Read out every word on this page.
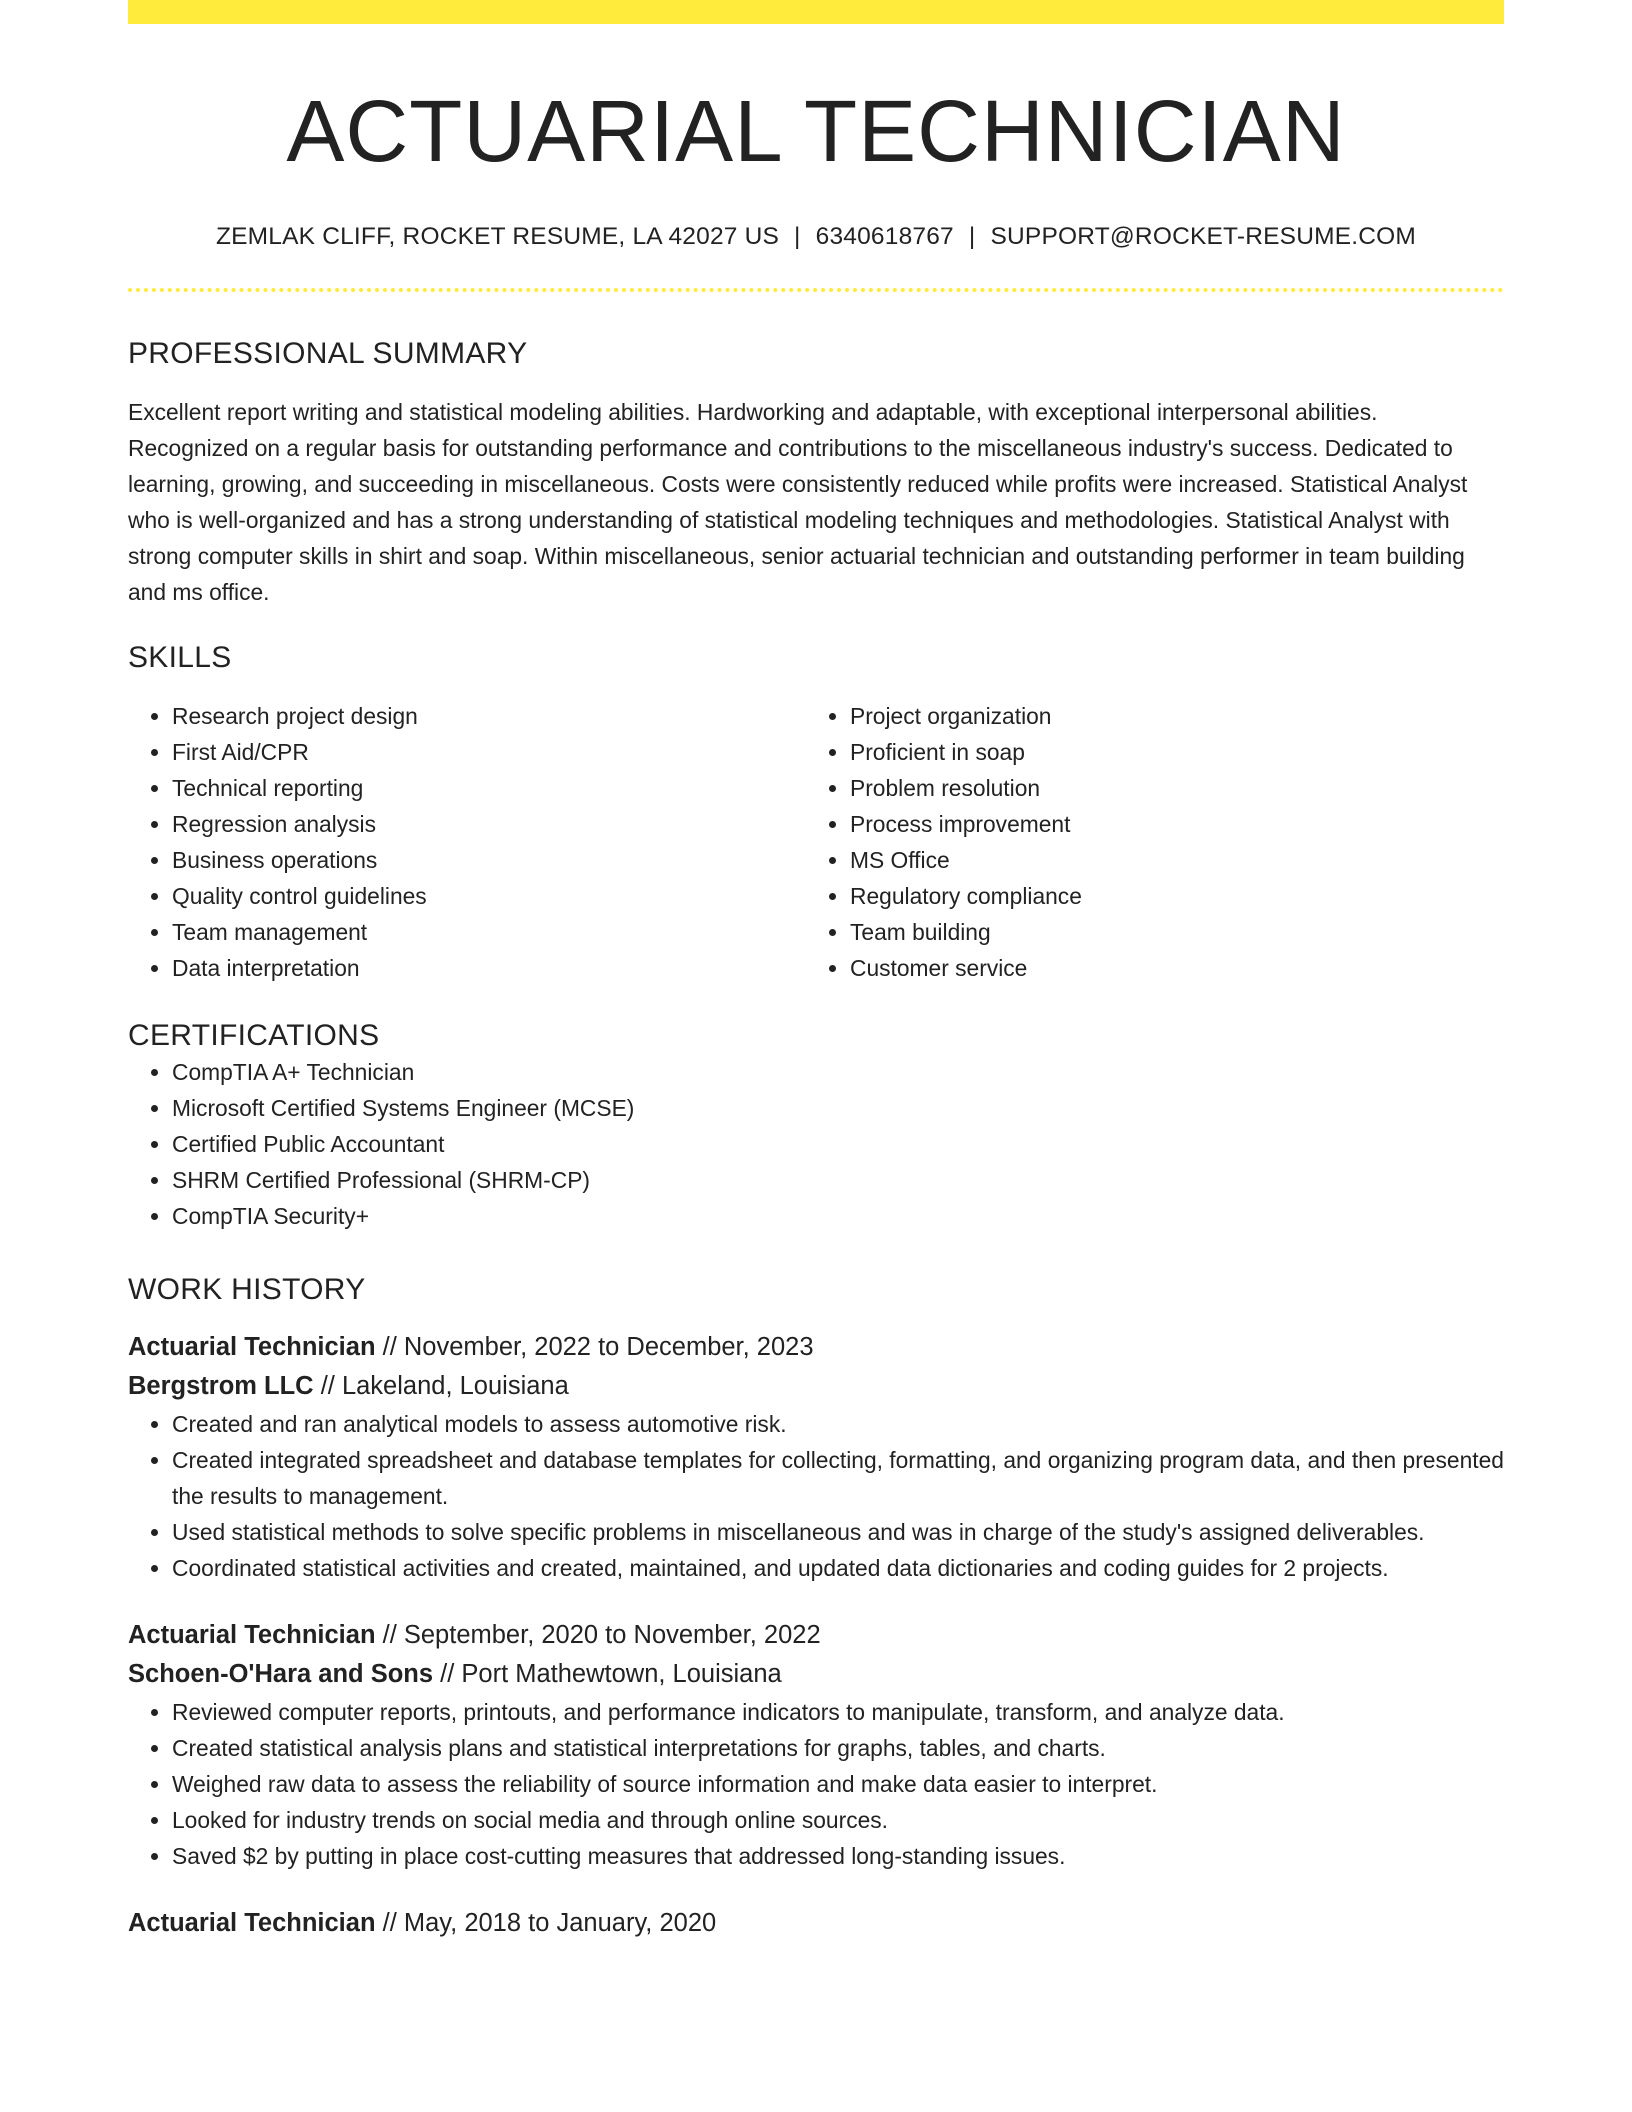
ACTUARIAL TECHNICIAN
ZEMLAK CLIFF, ROCKET RESUME, LA 42027 US | 6340618767 | SUPPORT@ROCKET-RESUME.COM
PROFESSIONAL SUMMARY
Excellent report writing and statistical modeling abilities. Hardworking and adaptable, with exceptional interpersonal abilities. Recognized on a regular basis for outstanding performance and contributions to the miscellaneous industry's success. Dedicated to learning, growing, and succeeding in miscellaneous. Costs were consistently reduced while profits were increased. Statistical Analyst who is well-organized and has a strong understanding of statistical modeling techniques and methodologies. Statistical Analyst with strong computer skills in shirt and soap. Within miscellaneous, senior actuarial technician and outstanding performer in team building and ms office.
SKILLS
• Research project design
• First Aid/CPR
• Technical reporting
• Regression analysis
• Business operations
• Quality control guidelines
• Team management
• Data interpretation
• Project organization
• Proficient in soap
• Problem resolution
• Process improvement
• MS Office
• Regulatory compliance
• Team building
• Customer service
CERTIFICATIONS
• CompTIA A+ Technician
• Microsoft Certified Systems Engineer (MCSE)
• Certified Public Accountant
• SHRM Certified Professional (SHRM-CP)
• CompTIA Security+
WORK HISTORY
Actuarial Technician // November, 2022 to December, 2023
Bergstrom LLC // Lakeland, Louisiana
• Created and ran analytical models to assess automotive risk.
• Created integrated spreadsheet and database templates for collecting, formatting, and organizing program data, and then presented the results to management.
• Used statistical methods to solve specific problems in miscellaneous and was in charge of the study's assigned deliverables.
• Coordinated statistical activities and created, maintained, and updated data dictionaries and coding guides for 2 projects.
Actuarial Technician // September, 2020 to November, 2022
Schoen-O'Hara and Sons // Port Mathewtown, Louisiana
• Reviewed computer reports, printouts, and performance indicators to manipulate, transform, and analyze data.
• Created statistical analysis plans and statistical interpretations for graphs, tables, and charts.
• Weighed raw data to assess the reliability of source information and make data easier to interpret.
• Looked for industry trends on social media and through online sources.
• Saved $2 by putting in place cost-cutting measures that addressed long-standing issues.
Actuarial Technician // May, 2018 to January, 2020
